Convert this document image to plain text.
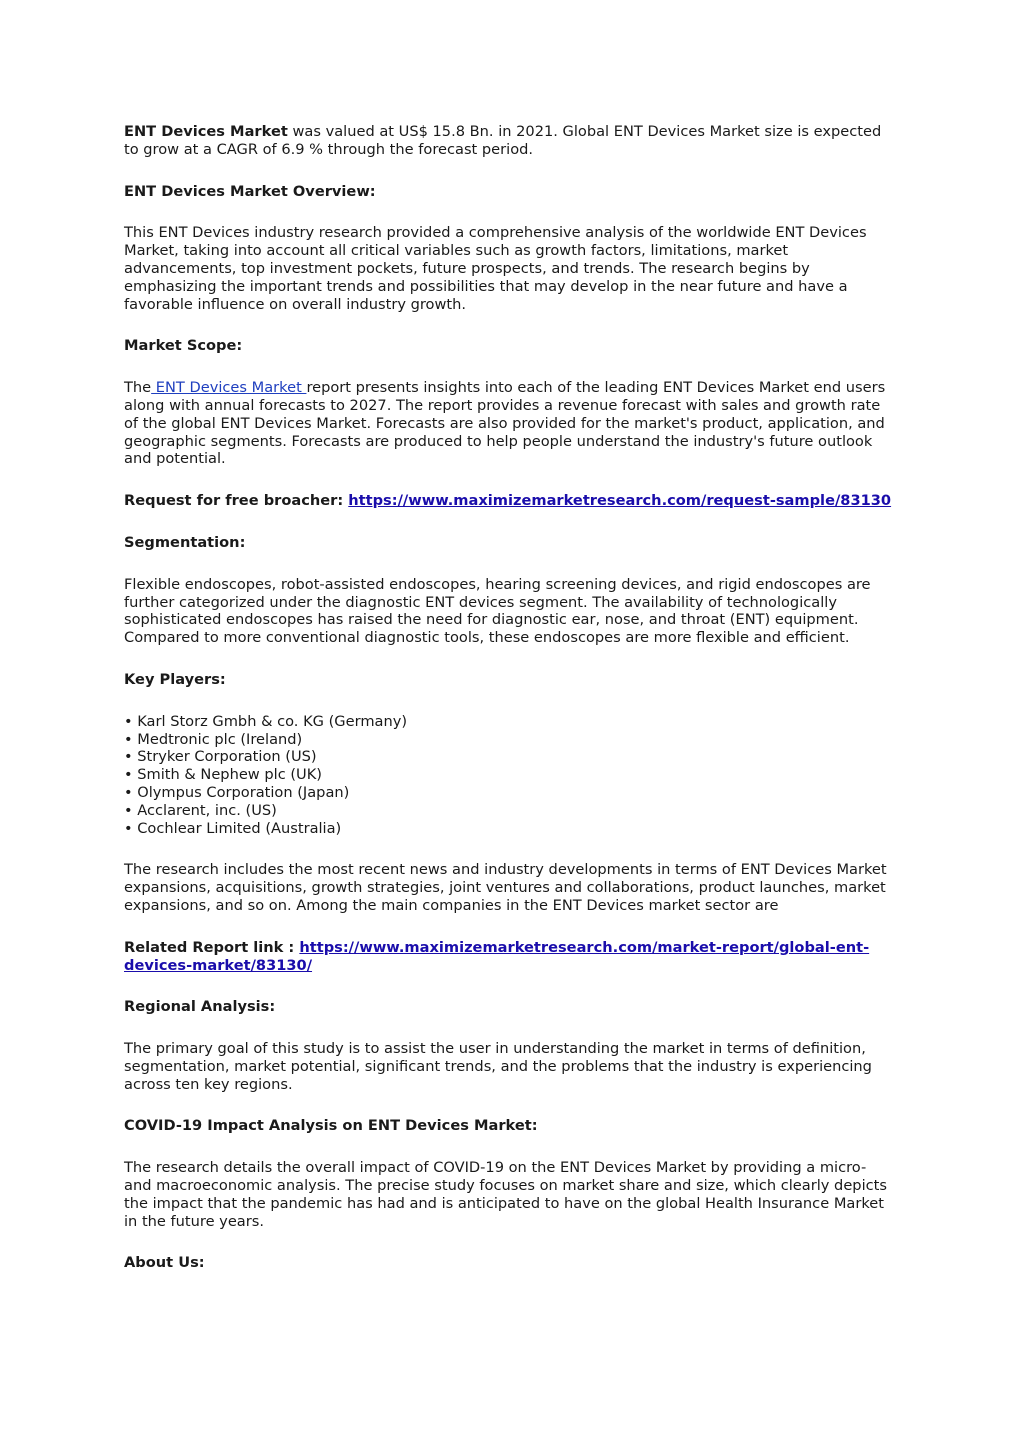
ENT Devices Market was valued at US$ 15.8 Bn. in 2021. Global ENT Devices Market size is expected to grow at a CAGR of 6.9 % through the forecast period.

ENT Devices Market Overview:

This ENT Devices industry research provided a comprehensive analysis of the worldwide ENT Devices Market, taking into account all critical variables such as growth factors, limitations, market advancements, top investment pockets, future prospects, and trends. The research begins by emphasizing the important trends and possibilities that may develop in the near future and have a favorable influence on overall industry growth.

Market Scope:

The ENT Devices Market report presents insights into each of the leading ENT Devices Market end users along with annual forecasts to 2027. The report provides a revenue forecast with sales and growth rate of the global ENT Devices Market. Forecasts are also provided for the market's product, application, and geographic segments. Forecasts are produced to help people understand the industry's future outlook and potential.

Request for free broacher: https://www.maximizemarketresearch.com/request-sample/83130

Segmentation:

Flexible endoscopes, robot-assisted endoscopes, hearing screening devices, and rigid endoscopes are further categorized under the diagnostic ENT devices segment. The availability of technologically sophisticated endoscopes has raised the need for diagnostic ear, nose, and throat (ENT) equipment. Compared to more conventional diagnostic tools, these endoscopes are more flexible and efficient.

Key Players:

• Karl Storz Gmbh & co. KG (Germany)
• Medtronic plc (Ireland)
• Stryker Corporation (US)
• Smith & Nephew plc (UK)
• Olympus Corporation (Japan)
• Acclarent, inc. (US)
• Cochlear Limited (Australia)

The research includes the most recent news and industry developments in terms of ENT Devices Market expansions, acquisitions, growth strategies, joint ventures and collaborations, product launches, market expansions, and so on. Among the main companies in the ENT Devices market sector are

Related Report link : https://www.maximizemarketresearch.com/market-report/global-ent-devices-market/83130/

Regional Analysis:

The primary goal of this study is to assist the user in understanding the market in terms of definition, segmentation, market potential, significant trends, and the problems that the industry is experiencing across ten key regions.

COVID-19 Impact Analysis on ENT Devices Market:

The research details the overall impact of COVID-19 on the ENT Devices Market by providing a micro- and macroeconomic analysis. The precise study focuses on market share and size, which clearly depicts the impact that the pandemic has had and is anticipated to have on the global Health Insurance Market in the future years.

About Us:
